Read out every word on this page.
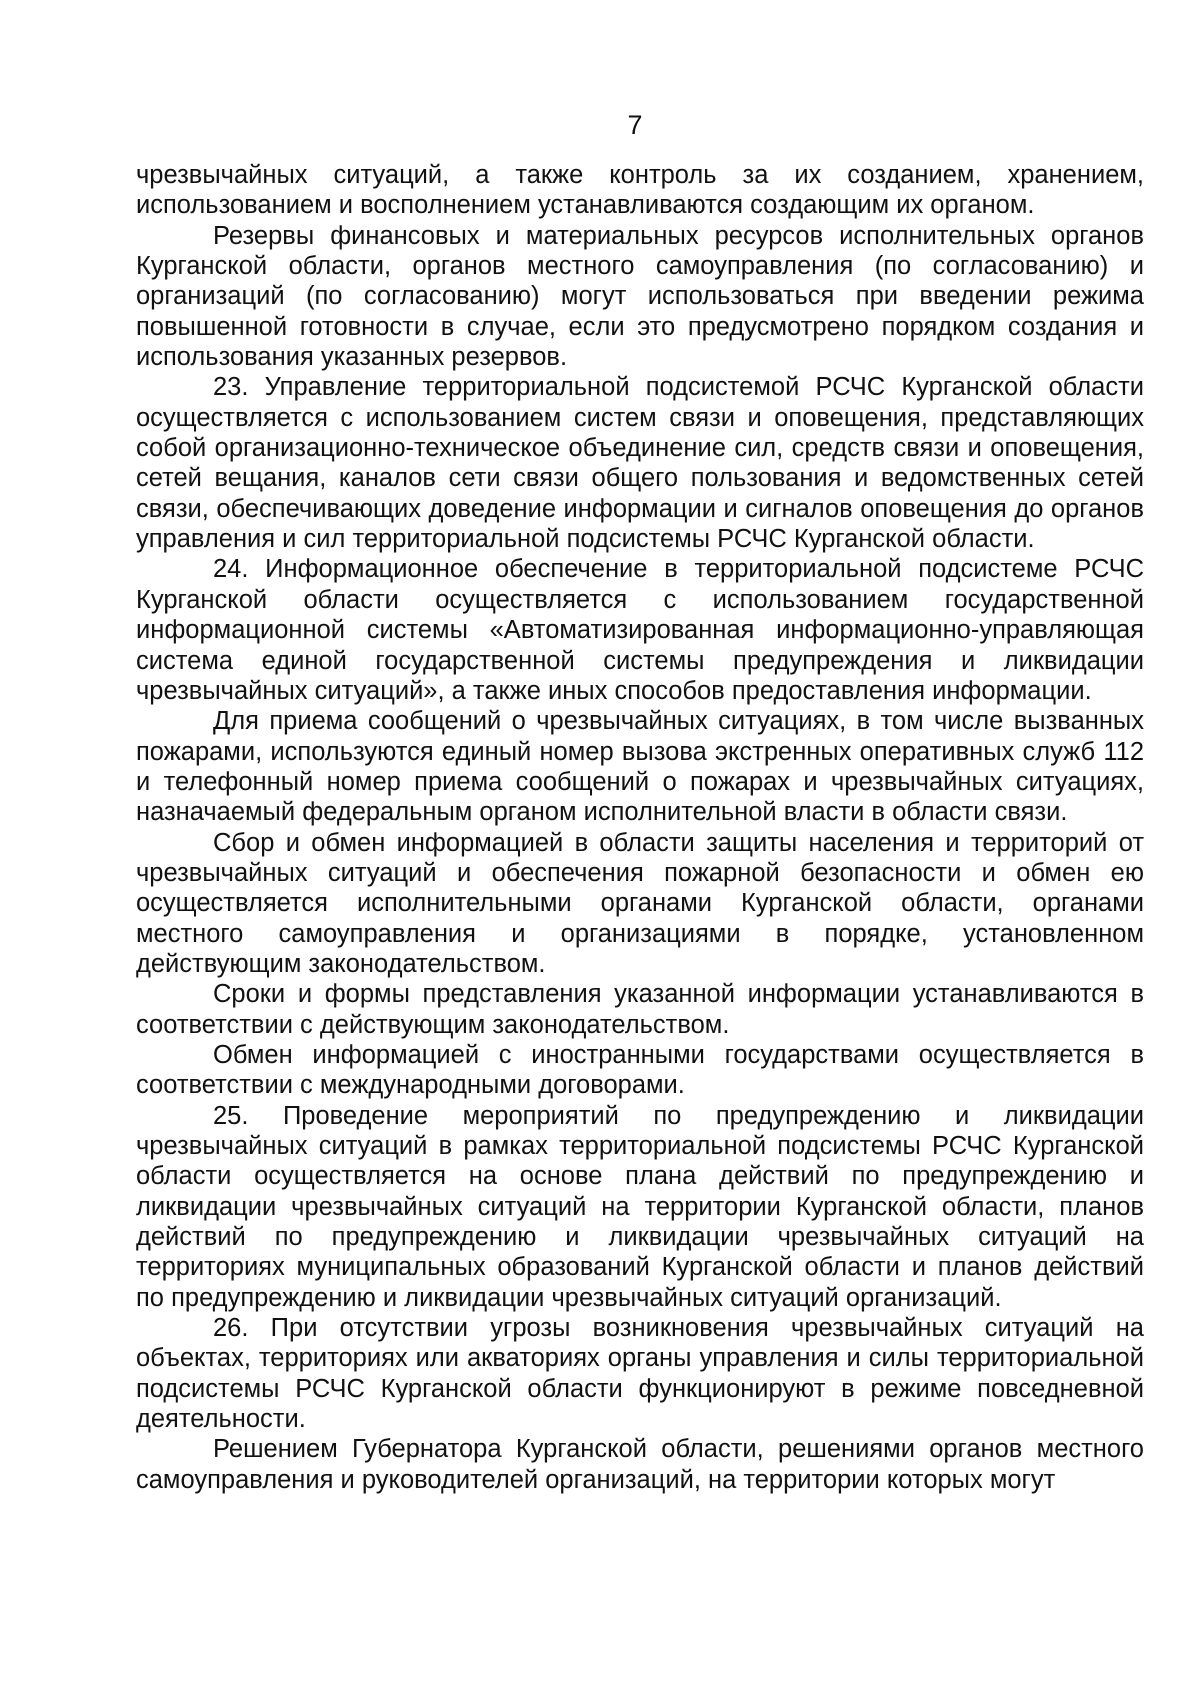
7

чрезвычайных ситуаций, а также контроль за их созданием, хранением, использованием и восполнением устанавливаются создающим их органом.

Резервы финансовых и материальных ресурсов исполнительных органов Курганской области, органов местного самоуправления (по согласованию) и организаций (по согласованию) могут использоваться при введении режима повышенной готовности в случае, если это предусмотрено порядком создания и использования указанных резервов.

23. Управление территориальной подсистемой РСЧС Курганской области осуществляется с использованием систем связи и оповещения, представляющих собой организационно-техническое объединение сил, средств связи и оповещения, сетей вещания, каналов сети связи общего пользования и ведомственных сетей связи, обеспечивающих доведение информации и сигналов оповещения до органов управления и сил территориальной подсистемы РСЧС Курганской области.

24. Информационное обеспечение в территориальной подсистеме РСЧС Курганской области осуществляется с использованием государственной информационной системы «Автоматизированная информационно-управляющая система единой государственной системы предупреждения и ликвидации чрезвычайных ситуаций», а также иных способов предоставления информации.

Для приема сообщений о чрезвычайных ситуациях, в том числе вызванных пожарами, используются единый номер вызова экстренных оперативных служб 112 и телефонный номер приема сообщений о пожарах и чрезвычайных ситуациях, назначаемый федеральным органом исполнительной власти в области связи.

Сбор и обмен информацией в области защиты населения и территорий от чрезвычайных ситуаций и обеспечения пожарной безопасности и обмен ею осуществляется исполнительными органами Курганской области, органами местного самоуправления и организациями в порядке, установленном действующим законодательством.

Сроки и формы представления указанной информации устанавливаются в соответствии с действующим законодательством.

Обмен информацией с иностранными государствами осуществляется в соответствии с международными договорами.

25. Проведение мероприятий по предупреждению и ликвидации чрезвычайных ситуаций в рамках территориальной подсистемы РСЧС Курганской области осуществляется на основе плана действий по предупреждению и ликвидации чрезвычайных ситуаций на территории Курганской области, планов действий по предупреждению и ликвидации чрезвычайных ситуаций на территориях муниципальных образований Курганской области и планов действий по предупреждению и ликвидации чрезвычайных ситуаций организаций.

26. При отсутствии угрозы возникновения чрезвычайных ситуаций на объектах, территориях или акваториях органы управления и силы территориальной подсистемы РСЧС Курганской области функционируют в режиме повседневной деятельности.

Решением Губернатора Курганской области, решениями органов местного самоуправления и руководителей организаций, на территории которых могут
